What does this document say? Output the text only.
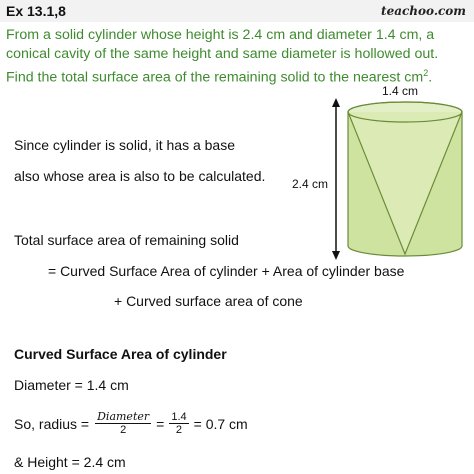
Ex 13.1,8	teachoo.com
From a solid cylinder whose height is 2.4 cm and diameter 1.4 cm, a conical cavity of the same height and same diameter is hollowed out. Find the total surface area of the remaining solid to the nearest $cm^2$.
1.4 cm
2.4 cm
Since cylinder is solid, it has a base
also whose area is also to be calculated.
Total surface area of remaining solid
= Curved Surface Area of cylinder + Area of cylinder base
+ Curved surface area of cone
Curved Surface Area of cylinder
Diameter = 1.4 cm
So, radius = $\frac{\text{Diameter}}{2} = \frac{1.4}{2} = 0.7$ cm
& Height = 2.4 cm
